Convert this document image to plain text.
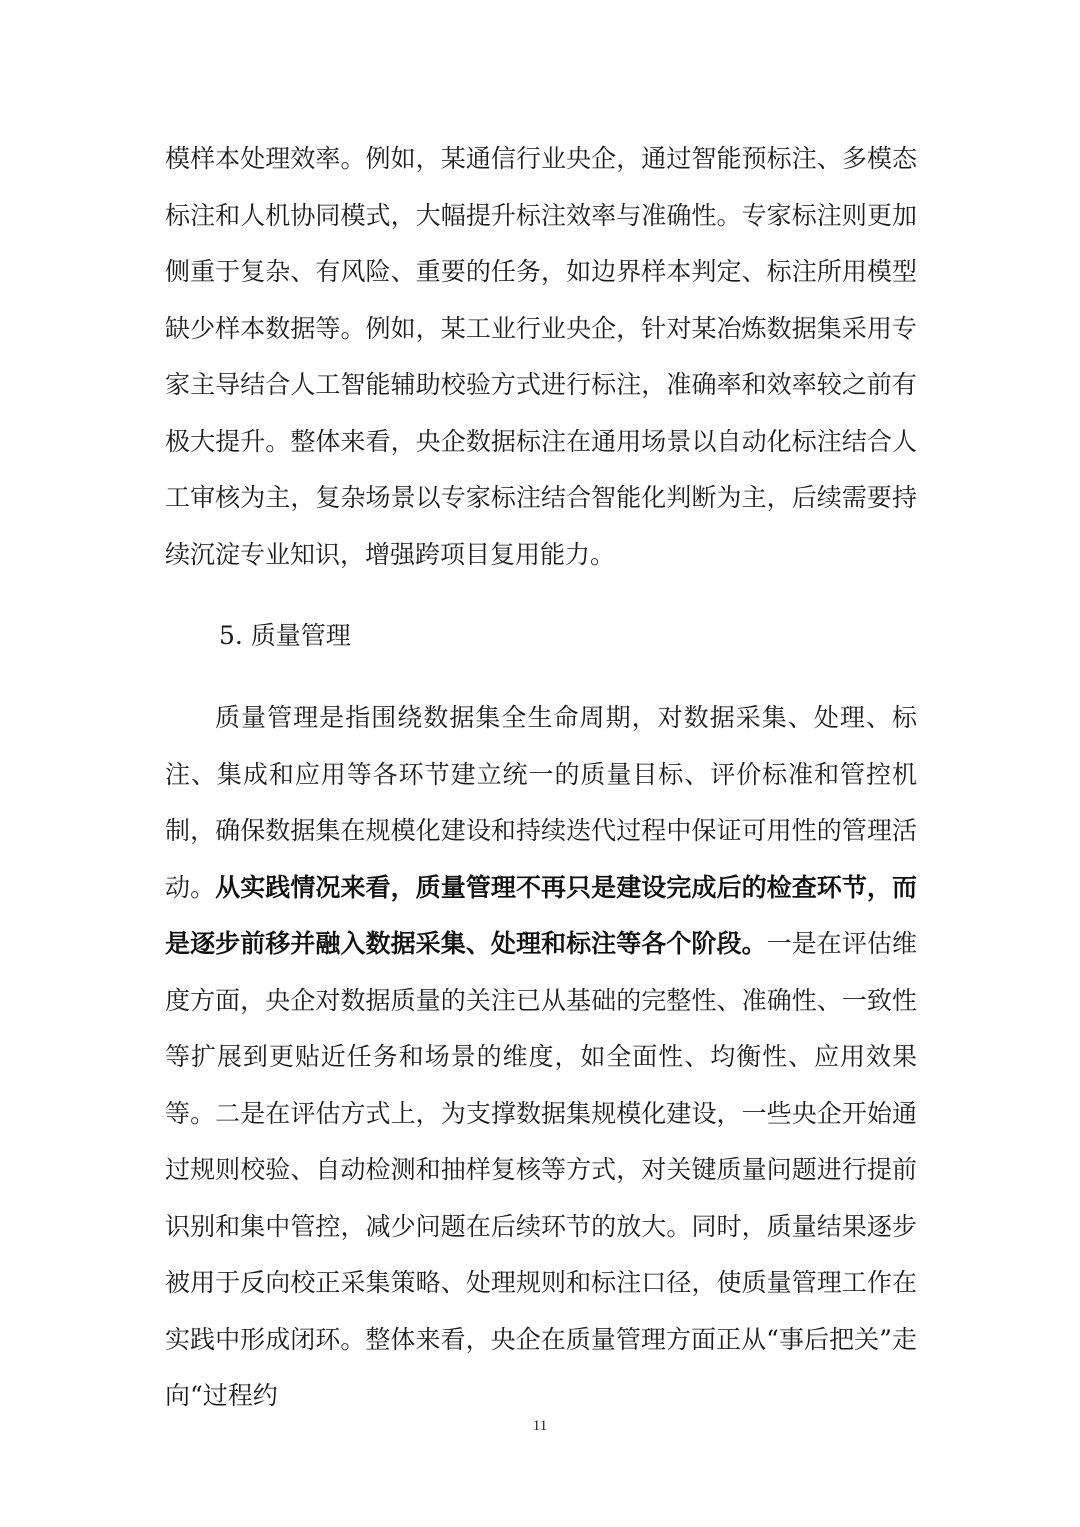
模样本处理效率。例如，某通信行业央企，通过智能预标注、多模态标注和人机协同模式，大幅提升标注效率与准确性。专家标注则更加侧重于复杂、有风险、重要的任务，如边界样本判定、标注所用模型缺少样本数据等。例如，某工业行业央企，针对某冶炼数据集采用专家主导结合人工智能辅助校验方式进行标注，准确率和效率较之前有极大提升。整体来看，央企数据标注在通用场景以自动化标注结合人工审核为主，复杂场景以专家标注结合智能化判断为主，后续需要持续沉淀专业知识，增强跨项目复用能力。

5. 质量管理

质量管理是指围绕数据集全生命周期，对数据采集、处理、标注、集成和应用等各环节建立统一的质量目标、评价标准和管控机制，确保数据集在规模化建设和持续迭代过程中保证可用性的管理活动。从实践情况来看，质量管理不再只是建设完成后的检查环节，而是逐步前移并融入数据采集、处理和标注等各个阶段。一是在评估维度方面，央企对数据质量的关注已从基础的完整性、准确性、一致性等扩展到更贴近任务和场景的维度，如全面性、均衡性、应用效果等。二是在评估方式上，为支撑数据集规模化建设，一些央企开始通过规则校验、自动检测和抽样复核等方式，对关键质量问题进行提前识别和集中管控，减少问题在后续环节的放大。同时，质量结果逐步被用于反向校正采集策略、处理规则和标注口径，使质量管理工作在实践中形成闭环。整体来看，央企在质量管理方面正从“事后把关”走向“过程约

11
